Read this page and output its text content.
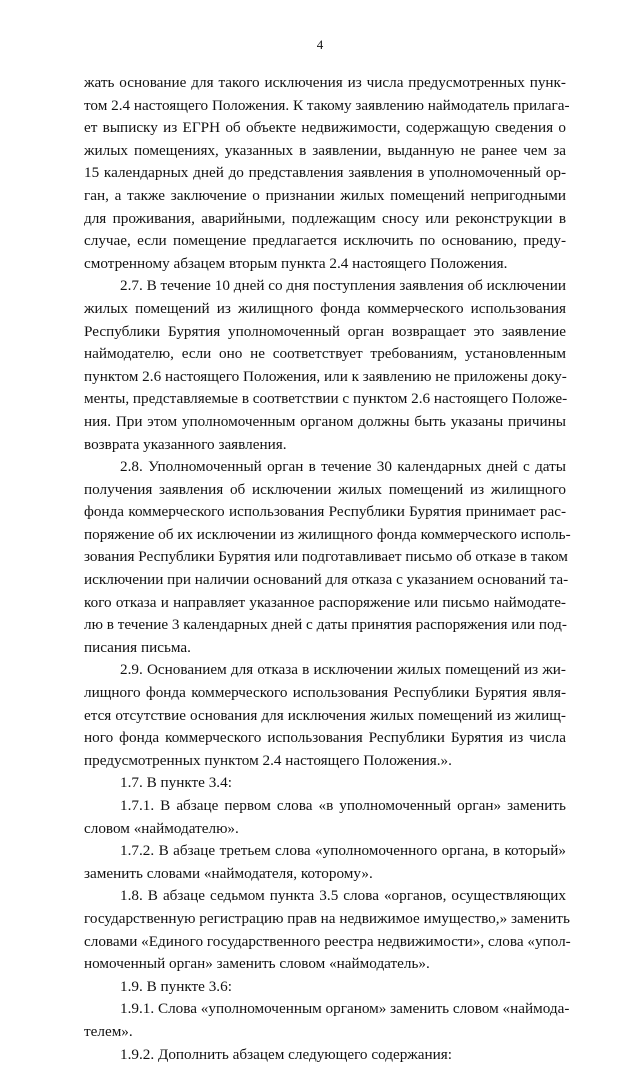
4
жать основание для такого исключения из числа предусмотренных пунк-
том 2.4 настоящего Положения. К такому заявлению наймодатель прилага-
ет выписку из ЕГРН об объекте недвижимости, содержащую сведения о
жилых помещениях, указанных в заявлении, выданную не ранее чем за
15 календарных дней до представления заявления в уполномоченный ор-
ган, а также заключение о признании жилых помещений непригодными
для проживания, аварийными, подлежащим сносу или реконструкции в
случае, если помещение предлагается исключить по основанию, преду-
смотренному абзацем вторым пункта 2.4 настоящего Положения.
2.7. В течение 10 дней со дня поступления заявления об исключении
жилых помещений из жилищного фонда коммерческого использования
Республики Бурятия уполномоченный орган возвращает это заявление
наймодателю, если оно не соответствует требованиям, установленным
пунктом 2.6 настоящего Положения, или к заявлению не приложены доку-
менты, представляемые в соответствии с пунктом 2.6 настоящего Положе-
ния. При этом уполномоченным органом должны быть указаны причины
возврата указанного заявления.
2.8. Уполномоченный орган в течение 30 календарных дней с даты
получения заявления об исключении жилых помещений из жилищного
фонда коммерческого использования Республики Бурятия принимает рас-
поряжение об их исключении из жилищного фонда коммерческого исполь-
зования Республики Бурятия или подготавливает письмо об отказе в таком
исключении при наличии оснований для отказа с указанием оснований та-
кого отказа и направляет указанное распоряжение или письмо наймодате-
лю в течение 3 календарных дней с даты принятия распоряжения или под-
писания письма.
2.9. Основанием для отказа в исключении жилых помещений из жи-
лищного фонда коммерческого использования Республики Бурятия явля-
ется отсутствие основания для исключения жилых помещений из жилищ-
ного фонда коммерческого использования Республики Бурятия из числа
предусмотренных пунктом 2.4 настоящего Положения.».
1.7. В пункте 3.4:
1.7.1. В абзаце первом слова «в уполномоченный орган» заменить
словом «наймодателю».
1.7.2. В абзаце третьем слова «уполномоченного органа, в который»
заменить словами «наймодателя, которому».
1.8. В абзаце седьмом пункта 3.5 слова «органов, осуществляющих
государственную регистрацию прав на недвижимое имущество,» заменить
словами «Единого государственного реестра недвижимости», слова «упол-
номоченный орган» заменить словом «наймодатель».
1.9. В пункте 3.6:
1.9.1. Слова «уполномоченным органом» заменить словом «наймода-
телем».
1.9.2. Дополнить абзацем следующего содержания:
